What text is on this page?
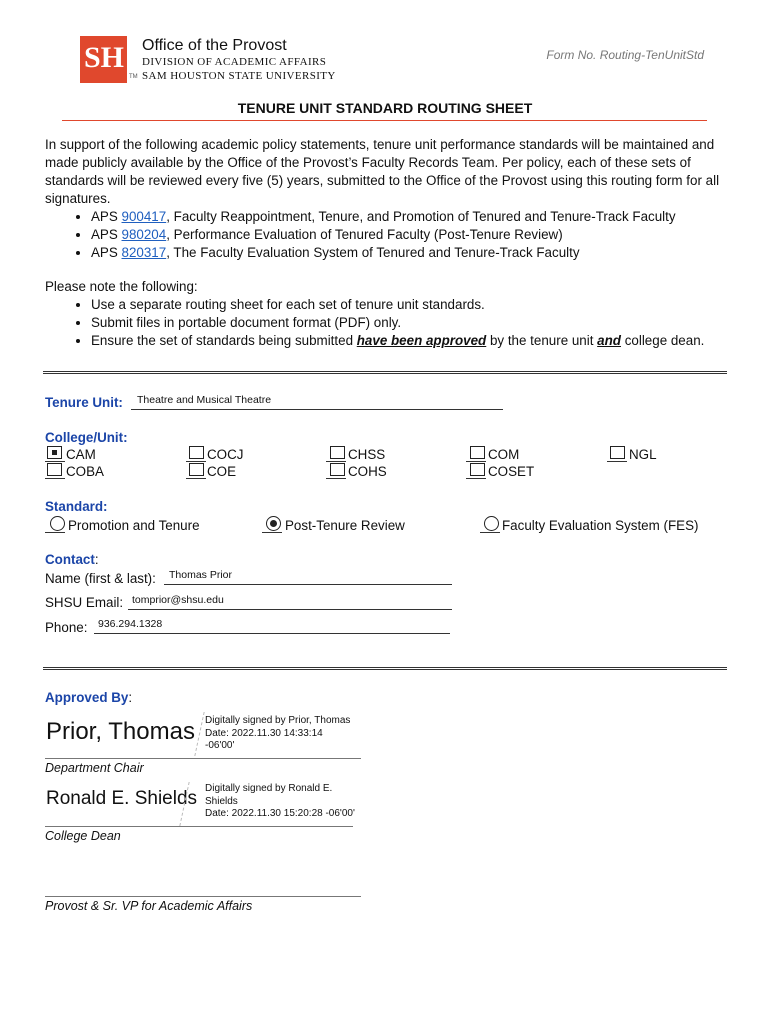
SH
TM
Office of the Provost
DIVISION OF ACADEMIC AFFAIRS
SAM HOUSTON STATE UNIVERSITY
Form No. Routing-TenUnitStd
TENURE UNIT STANDARD ROUTING SHEET
In support of the following academic policy statements, tenure unit performance standards will be maintained and made publicly available by the Office of the Provost’s Faculty Records Team. Per policy, each of these sets of standards will be reviewed every five (5) years, submitted to the Office of the Provost using this routing form for all signatures.
• APS 900417, Faculty Reappointment, Tenure, and Promotion of Tenured and Tenure-Track Faculty
• APS 980204, Performance Evaluation of Tenured Faculty (Post-Tenure Review)
• APS 820317, The Faculty Evaluation System of Tenured and Tenure-Track Faculty
Please note the following:
• Use a separate routing sheet for each set of tenure unit standards.
• Submit files in portable document format (PDF) only.
• Ensure the set of standards being submitted have been approved by the tenure unit and college dean.
Tenure Unit: Theatre and Musical Theatre
College/Unit:
CAM
COBA
COCJ
COE
CHSS
COHS
COM
COSET
NGL
Standard:
Promotion and Tenure	Post-Tenure Review	Faculty Evaluation System (FES)
Contact:
Name (first & last): Thomas Prior
SHSU Email: tomprior@shsu.edu
Phone: 936.294.1328
Approved By:
Prior, Thomas Digitally signed by Prior, Thomas
Date: 2022.11.30 14:33:14
-06'00'
Department Chair
Ronald E. Shields Digitally signed by Ronald E.
Shields
Date: 2022.11.30 15:20:28 -06'00'
College Dean
Provost & Sr. VP for Academic Affairs
